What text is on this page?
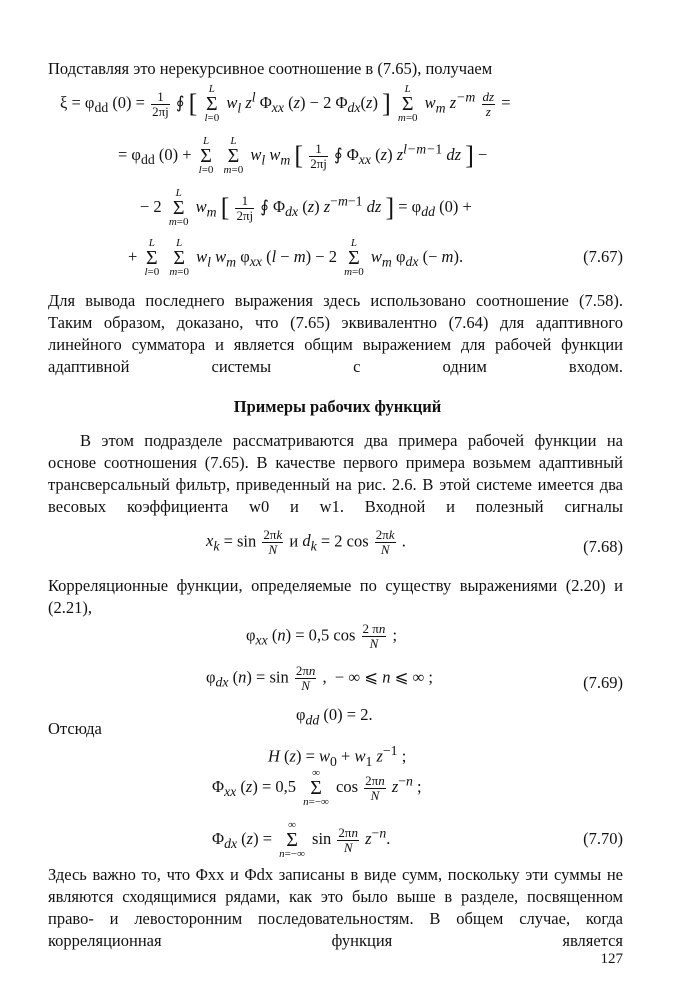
Подставляя это нерекурсивное соотношение в (7.65), получаем
$\xi = \varphi_{dd}$ $(0) = \frac{1}{2\pi j}$ ∮ [	L
Σ
l=0
$w_l$ $z^l$ $\Phi_{xx}$ (z) − 2 $\Phi_{dx}(z)$ ]	L
Σ
m=0
$w_m$ $z^{-m} \frac{dz}{z}$ =
= $\varphi_{dd}$ (0) +
L
Σ
l=0

L
Σ
m=0
$w_l$ $w_m$ [ $\frac{1}{2\pi j}$ ∮ $\Phi_{xx}$ (z) $z^{l-m-1}$ dz ] −
− 2
L
Σ
m=0
$w_m$ [ $\frac{1}{2\pi j}$ ∮ $\Phi_{dx}$ (z) $z^{-m-1}$ dz ] = $\varphi_{dd}$ (0) +
+
L
Σ
l=0

L
Σ
m=0
$w_l$ $w_m$ $\varphi_{xx}$ (l − m) − 2
L
Σ
m=0
$w_m$ $\varphi_{dx}$ (− m).	(7.67)
Для вывода последнего выражения здесь использовано соотношение (7.58). Таким образом, доказано, что (7.65) эквивалентно (7.64) для адаптивного линейного сумматора и является общим выражением для рабочей функции адаптивной системы с одним входом.
Примеры рабочих функций
В этом подразделе рассматриваются два примера рабочей функции на основе соотношения (7.65). В качестве первого примера возьмем адаптивный трансверсальный фильтр, приведенный на рис. 2.6. В этой системе имеется два весовых коэффициента w0 и w1. Входной и полезный сигналы
$x_k = \sin \frac{2\pi k}{N}$ и $d_k = 2$ $\cos \frac{2\pi k}{N}$ .	(7.68)
Корреляционные функции, определяемые по существу выражениями (2.20) и (2.21),
$\varphi_{xx}$ (n) = 0,5 $\cos \frac{2 \pi n}{N}$ ;
$\varphi_{dx}$ $(n) = \sin \frac{2\pi n}{N}$ ,  − ∞ ⩽ n ⩽ ∞ ;	(7.69)
$\varphi_{dd}$ (0) = 2.
Отсюда
H $(z) = w_0 + w_1$ $z^{-1}$ ;
$\Phi_{xx}$ (z) = 0,5
∞
Σ
n=−∞
$\cos \frac{2\pi n}{N} z^{-n}$ ;
$\Phi_{dx}$ (z) =
∞
Σ
n=−∞
$\sin \frac{2\pi n}{N} z^{-n}$.	(7.70)
Здесь важно то, что Φxx и Φdx записаны в виде сумм, поскольку эти суммы не являются сходящимися рядами, как это было выше в разделе, посвященном право- и левосторонним последовательностям. В общем случае, когда корреляционная функция является
127
